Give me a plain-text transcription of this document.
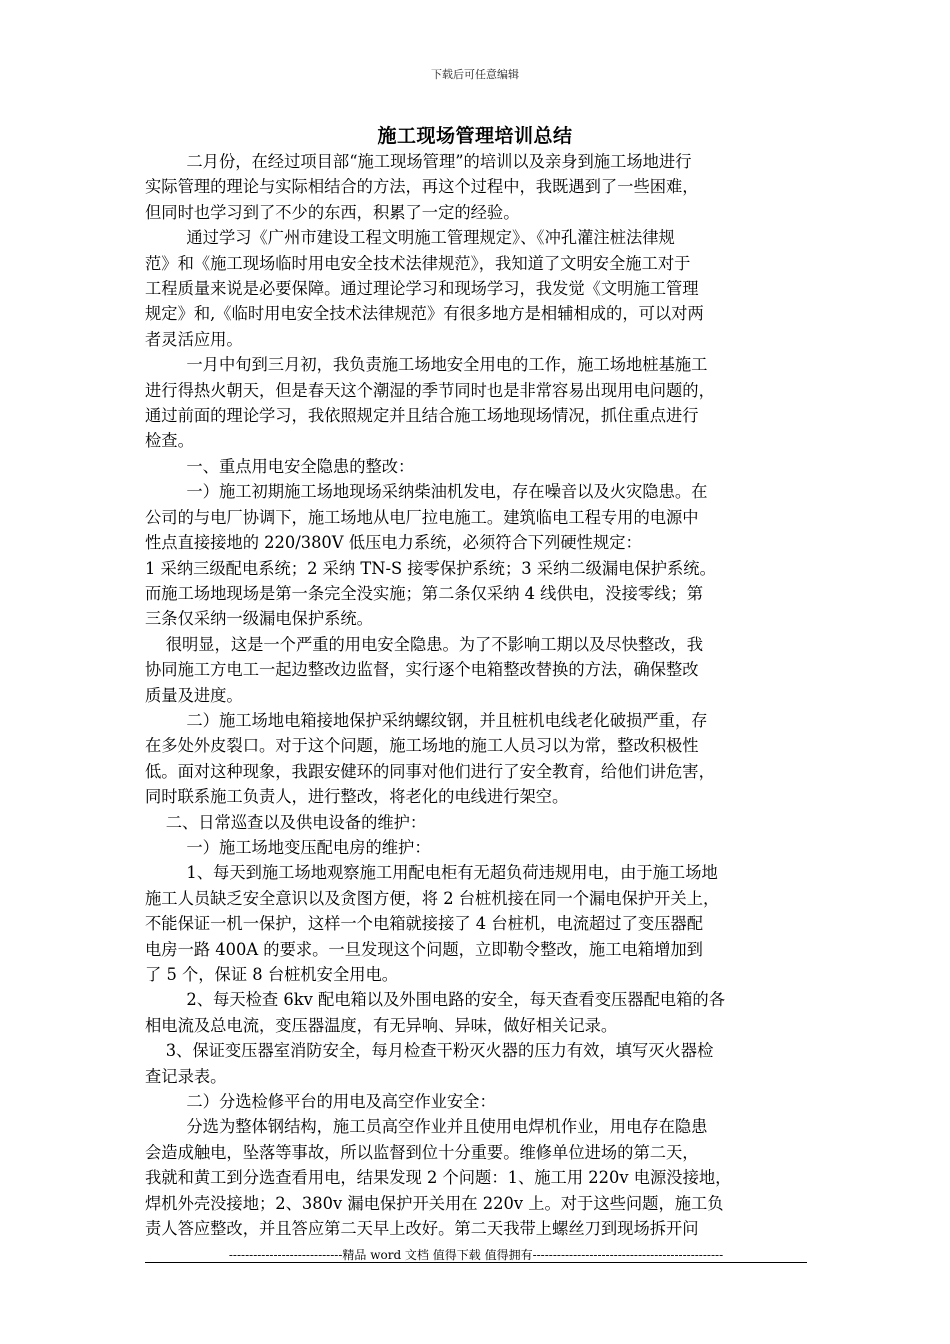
下载后可任意编辑
施工现场管理培训总结
二月份，在经过项目部“施工现场管理”的培训以及亲身到施工场地进行
实际管理的理论与实际相结合的方法，再这个过程中，我既遇到了一些困难，
但同时也学习到了不少的东西，积累了一定的经验。
通过学习《广州市建设工程文明施工管理规定》、《冲孔灌注桩法律规
范》和《施工现场临时用电安全技术法律规范》，我知道了文明安全施工对于
工程质量来说是必要保障。通过理论学习和现场学习，我发觉《文明施工管理
规定》和,《临时用电安全技术法律规范》有很多地方是相辅相成的，可以对两
者灵活应用。
一月中旬到三月初，我负责施工场地安全用电的工作，施工场地桩基施工
进行得热火朝天，但是春天这个潮湿的季节同时也是非常容易出现用电问题的，
通过前面的理论学习，我依照规定并且结合施工场地现场情况，抓住重点进行
检查。
一、重点用电安全隐患的整改：
一）施工初期施工场地现场采纳柴油机发电，存在噪音以及火灾隐患。在
公司的与电厂协调下，施工场地从电厂拉电施工。建筑临电工程专用的电源中
性点直接接地的 220/380V 低压电力系统，必须符合下列硬性规定：
1 采纳三级配电系统；2 采纳 TN-S 接零保护系统；3 采纳二级漏电保护系统。
而施工场地现场是第一条完全没实施；第二条仅采纳 4 线供电，没接零线；第
三条仅采纳一级漏电保护系统。
很明显，这是一个严重的用电安全隐患。为了不影响工期以及尽快整改，我
协同施工方电工一起边整改边监督，实行逐个电箱整改替换的方法，确保整改
质量及进度。
二）施工场地电箱接地保护采纳螺纹钢，并且桩机电线老化破损严重，存
在多处外皮裂口。对于这个问题，施工场地的施工人员习以为常，整改积极性
低。面对这种现象，我跟安健环的同事对他们进行了安全教育，给他们讲危害，
同时联系施工负责人，进行整改，将老化的电线进行架空。
二、日常巡查以及供电设备的维护：
一）施工场地变压配电房的维护：
1、每天到施工场地观察施工用配电柜有无超负荷违规用电，由于施工场地
施工人员缺乏安全意识以及贪图方便，将 2 台桩机接在同一个漏电保护开关上，
不能保证一机一保护，这样一个电箱就接接了 4 台桩机，电流超过了变压器配
电房一路 400A 的要求。一旦发现这个问题，立即勒令整改，施工电箱增加到
了 5 个，保证 8 台桩机安全用电。
2、每天检查 6kv 配电箱以及外围电路的安全，每天查看变压器配电箱的各
相电流及总电流，变压器温度，有无异响、异味，做好相关记录。
3、保证变压器室消防安全，每月检查干粉灭火器的压力有效，填写灭火器检
查记录表。
二）分选检修平台的用电及高空作业安全：
分选为整体钢结构，施工员高空作业并且使用电焊机作业，用电存在隐患
会造成触电，坠落等事故，所以监督到位十分重要。维修单位进场的第二天，
我就和黄工到分选查看用电，结果发现 2 个问题：1、施工用 220v 电源没接地，
焊机外壳没接地；2、380v 漏电保护开关用在 220v 上。对于这些问题，施工负
责人答应整改，并且答应第二天早上改好。第二天我带上螺丝刀到现场拆开问
----------------------------精品 word 文档 值得下载 值得拥有-----------------------------------------------
